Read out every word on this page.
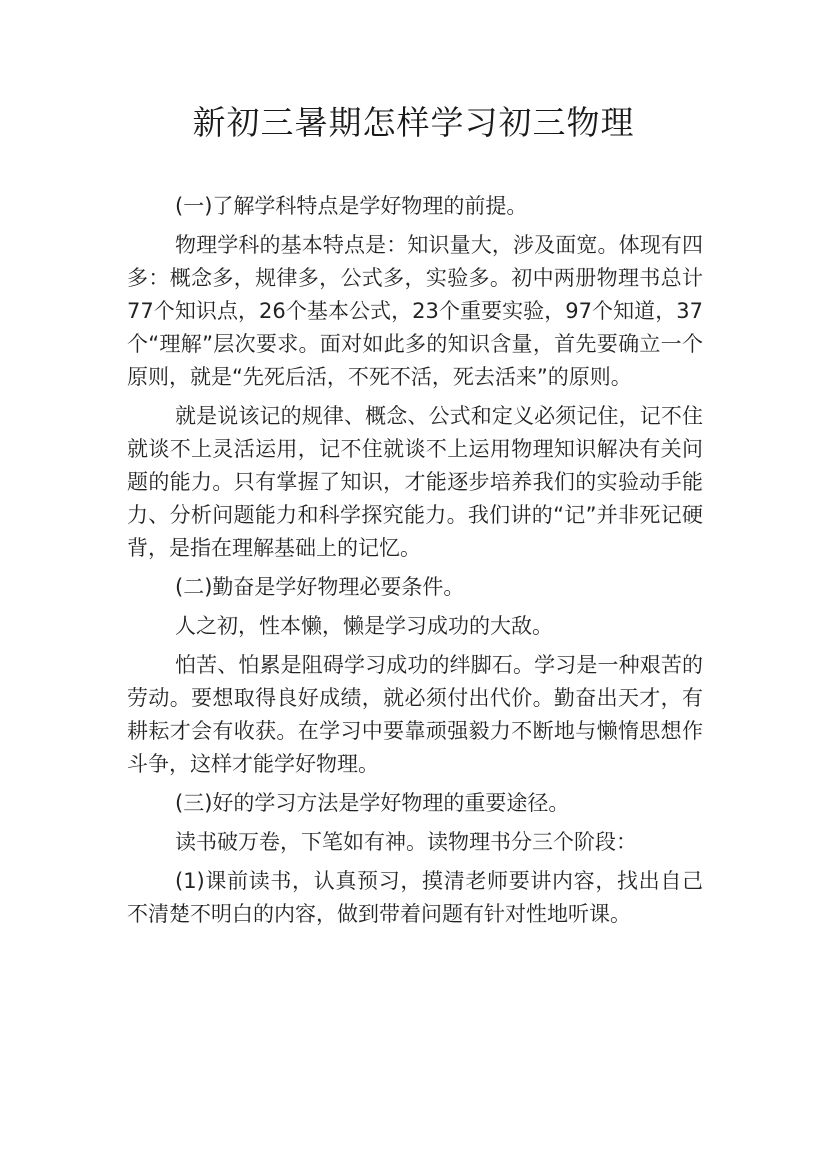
新初三暑期怎样学习初三物理

(一)了解学科特点是学好物理的前提。

物理学科的基本特点是：知识量大，涉及面宽。体现有四多：概念多，规律多，公式多，实验多。初中两册物理书总计77个知识点，26个基本公式，23个重要实验，97个知道，37个“理解”层次要求。面对如此多的知识含量，首先要确立一个原则，就是“先死后活，不死不活，死去活来”的原则。

就是说该记的规律、概念、公式和定义必须记住，记不住就谈不上灵活运用，记不住就谈不上运用物理知识解决有关问题的能力。只有掌握了知识，才能逐步培养我们的实验动手能力、分析问题能力和科学探究能力。我们讲的“记”并非死记硬背，是指在理解基础上的记忆。

(二)勤奋是学好物理必要条件。

人之初，性本懒，懒是学习成功的大敌。

怕苦、怕累是阻碍学习成功的绊脚石。学习是一种艰苦的劳动。要想取得良好成绩，就必须付出代价。勤奋出天才，有耕耘才会有收获。在学习中要靠顽强毅力不断地与懒惰思想作斗争，这样才能学好物理。

(三)好的学习方法是学好物理的重要途径。

读书破万卷，下笔如有神。读物理书分三个阶段：

(1)课前读书，认真预习，摸清老师要讲内容，找出自己不清楚不明白的内容，做到带着问题有针对性地听课。
